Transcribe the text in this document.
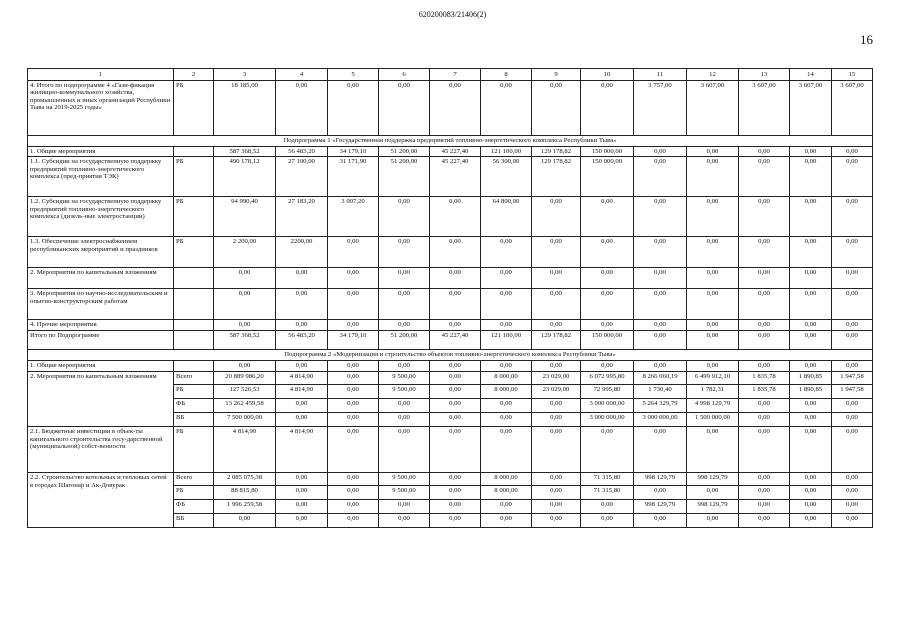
620200083/21406(2)
16
1	2	3	4	5	6	7	8	9	10	11	12	13	14	15
4. Итого по подпрограмме 4 «Гази-фикация жилищно-коммунального хозяйства, промышленных и иных организаций Республики Тыва на 2019-2025 годы»	РБ	18 185,00	0,00	0,00	0,00	0,00	0,00	0,00	0,00	3 757,00	3 607,00	3 607,00	3 607,00	3 607,00
Подпрограмма 1 «Государственная поддержка предприятий топливно-энергетического комплекса Республики Тыва»														
1. Общие мероприятия		587 368,52	56 483,20	34 179,10	51 200,00	45 227,40	121 100,00	129 178,82	150 000,00	0,00	0,00	0,00	0,00	0,00
1.1. Субсидии на государственную поддержку предприятий топливно-энергетического комплекса (пред-приятия ТЭК)	РБ	490 178,12	27 100,00	31 171,90	51 200,00	45 227,40	56 300,00	129 178,82	150 000,00	0,00	0,00	0,00	0,00	0,00
1.2. Субсидии на государственную поддержку предприятий топливно-энергетического комплекса (дизель-ные электростанции)	РБ	94 990,40	27 183,20	3 007,20	0,00	0,00	64 800,00	0,00	0,00	0,00	0,00	0,00	0,00	0,00
1.3. Обеспечение электроснабжением республиканских мероприятий и праздников	РБ	2 200,00	2200,00	0,00	0,00	0,00	0,00	0,00	0,00	0,00	0,00	0,00	0,00	0,00
2. Мероприятия по капитальным вложениям		0,00	0,00	0,00	0,00	0,00	0,00	0,00	0,00	0,00	0,00	0,00	0,00	0,00
3. Мероприятия по научно-исследовательским и опытно-конструкторским работам		0,00	0,00	0,00	0,00	0,00	0,00	0,00	0,00	0,00	0,00	0,00	0,00	0,00
4. Прочие мероприятия		0,00	0,00	0,00	0,00	0,00	0,00	0,00	0,00	0,00	0,00	0,00	0,00	0,00
Итого по Подпрограмме		587 368,52	56 483,20	34 179,10	51 200,00	45 227,40	121 100,00	129 178,82	150 000,00	0,00	0,00	0,00	0,00	0,00
Подпрограмма 2 «Модернизация и строительство объектов топливно-энергетического комплекса Республики Тыва»														
1. Общие мероприятия		0,00	0,00	0,00	0,00	0,00	0,00	0,00	0,00	0,00	0,00	0,00	0,00	0,00
2. Мероприятия по капитальным вложениям	Всего	20 889 986,20	4 814,90	0,00	9 500,00	0,00	8 000,00	23 029,00	6 072 995,80	8 266 060,19	6 499 912,10	1 835,78	1 890,85	1 947,58
	РБ	127 526,53	4 814,90	0,00	9 500,00	0,00	8 000,00	23 029,00	72 995,80	1 730,40	1 782,31	1 835,78	1 890,85	1 947,58
	ФБ	13 262 459,58	0,00	0,00	0,00	0,00	0,00	0,00	3 000 000,00	5 264 329,79	4 998 129,79	0,00	0,00	0,00
	ВБ	7 500 000,00	0,00	0,00	0,00	0,00	0,00	0,00	3 000 000,00	3 000 000,00	1 500 000,00	0,00	0,00	0,00
2.1. Бюджетные инвестиции в объек-ты капитального строительства госу-дарственной (муниципальной) собст-венности	РБ	4 814,90	4 814,90	0,00	0,00	0,00	0,00	0,00	0,00	0,00	0,00	0,00	0,00	0,00
2.2. Строительство котельных и тепловых сетей в городах Шагонар и Ак-Довурак	Всего	2 085 075,38	0,00	0,00	9 500,00	0,00	8 000,00	0,00	71 315,80	998 129,79	998 129,79	0,00	0,00	0,00
	РБ	88 815,80	0,00	0,00	9 500,00	0,00	8 000,00	0,00	71 315,80	0,00	0,00	0,00	0,00	0,00
	ФБ	1 996 259,58	0,00	0,00	0,00	0,00	0,00	0,00	0,00	998 129,79	998 129,79	0,00	0,00	0,00
	ВБ	0,00	0,00	0,00	0,00	0,00	0,00	0,00	0,00	0,00	0,00	0,00	0,00	0,00
